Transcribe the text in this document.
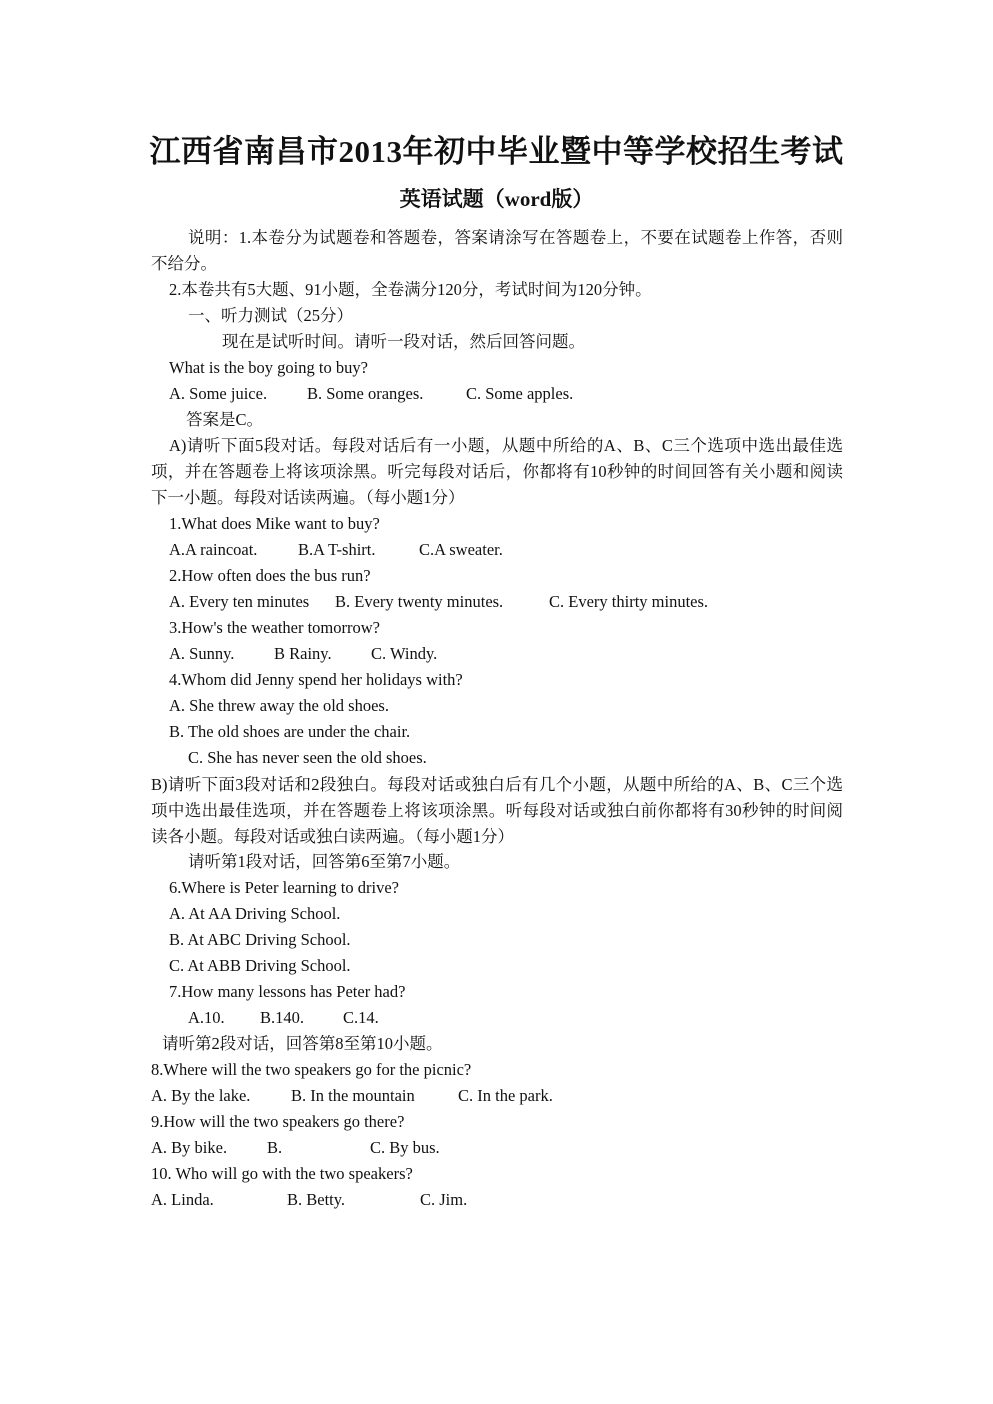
江西省南昌市2013年初中毕业暨中等学校招生考试
英语试题（word版）
说明：1.本卷分为试题卷和答题卷，答案请涂写在答题卷上，不要在试题卷上作答，否则不给分。
2.本卷共有5大题、91小题，全卷满分120分，考试时间为120分钟。
一、听力测试（25分）
现在是试听时间。请听一段对话，然后回答问题。
What is the boy going to buy?
A. Some juice. B. Some oranges.	C. Some apples.
答案是C。
A)请听下面5段对话。每段对话后有一小题，从题中所给的A、B、C三个选项中选出最佳选项，并在答题卷上将该项涂黑。听完每段对话后，你都将有10秒钟的时间回答有关小题和阅读下一小题。每段对话读两遍。（每小题1分）
1.What does Mike want to buy?
A.A raincoat. B.A T-shirt.	C.A sweater.
2.How often does the bus run?
A. Every ten minutes B. Every twenty minutes.	C. Every thirty minutes.
3.How's the weather tomorrow?
A. Sunny. B Rainy. C. Windy.
4.Whom did Jenny spend her holidays with?
A. She threw away the old shoes.
B. The old shoes are under the chair.
C. She has never seen the old shoes.
B)请听下面3段对话和2段独白。每段对话或独白后有几个小题，从题中所给的A、B、C三个选项中选出最佳选项，并在答题卷上将该项涂黑。听每段对话或独白前你都将有30秒钟的时间阅读各小题。每段对话或独白读两遍。（每小题1分）
请听第1段对话，回答第6至第7小题。
6.Where is Peter learning to drive?
A. At AA Driving School.
B. At ABC Driving School.
C. At ABB Driving School.
7.How many lessons has Peter had?
A.10. B.140. C.14.
请听第2段对话，回答第8至第10小题。
8.Where will the two speakers go for the picnic?
A. By the lake. B. In the mountain	C. In the park.
9.How will the two speakers go there?
A. By bike. B.	C. By bus.
10. Who will go with the two speakers?
A. Linda.	B. Betty.	C. Jim.
